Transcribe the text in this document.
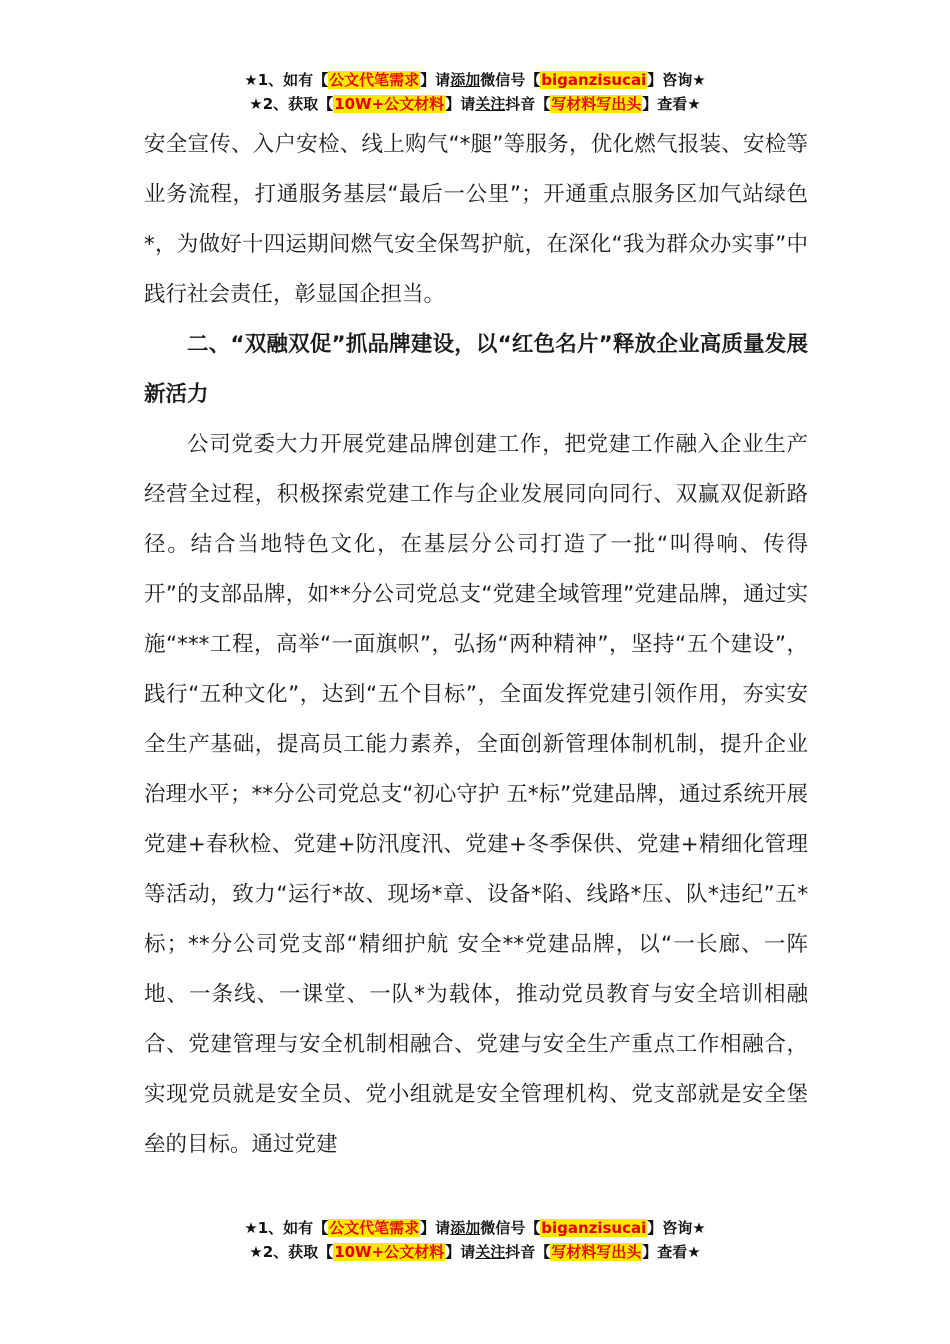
★1、如有【公文代笔需求】请添加微信号【biganzisucai】咨询★
★2、获取【10W+公文材料】请关注抖音【写材料写出头】查看★

安全宣传、入户安检、线上购气“*腿”等服务，优化燃气报装、安检等业务流程，打通服务基层“最后一公里”；开通重点服务区加气站绿色*，为做好十四运期间燃气安全保驾护航，在深化“我为群众办实事”中践行社会责任，彰显国企担当。

二、“双融双促”抓品牌建设，以“红色名片”释放企业高质量发展新活力

公司党委大力开展党建品牌创建工作，把党建工作融入企业生产经营全过程，积极探索党建工作与企业发展同向同行、双赢双促新路径。结合当地特色文化，在基层分公司打造了一批“叫得响、传得开”的支部品牌，如**分公司党总支“党建全域管理”党建品牌，通过实施“***工程，高举“一面旗帜”，弘扬“两种精神”，坚持“五个建设”，践行“五种文化”，达到“五个目标”，全面发挥党建引领作用，夯实安全生产基础，提高员工能力素养，全面创新管理体制机制，提升企业治理水平；**分公司党总支“初心守护 五*标”党建品牌，通过系统开展党建+春秋检、党建+防汛度汛、党建+冬季保供、党建+精细化管理等活动，致力“运行*故、现场*章、设备*陷、线路*压、队*违纪”五*标；**分公司党支部“精细护航 安全**党建品牌，以“一长廊、一阵地、一条线、一课堂、一队*为载体，推动党员教育与安全培训相融合、党建管理与安全机制相融合、党建与安全生产重点工作相融合，实现党员就是安全员、党小组就是安全管理机构、党支部就是安全堡垒的目标。通过党建

★1、如有【公文代笔需求】请添加微信号【biganzisucai】咨询★
★2、获取【10W+公文材料】请关注抖音【写材料写出头】查看★
